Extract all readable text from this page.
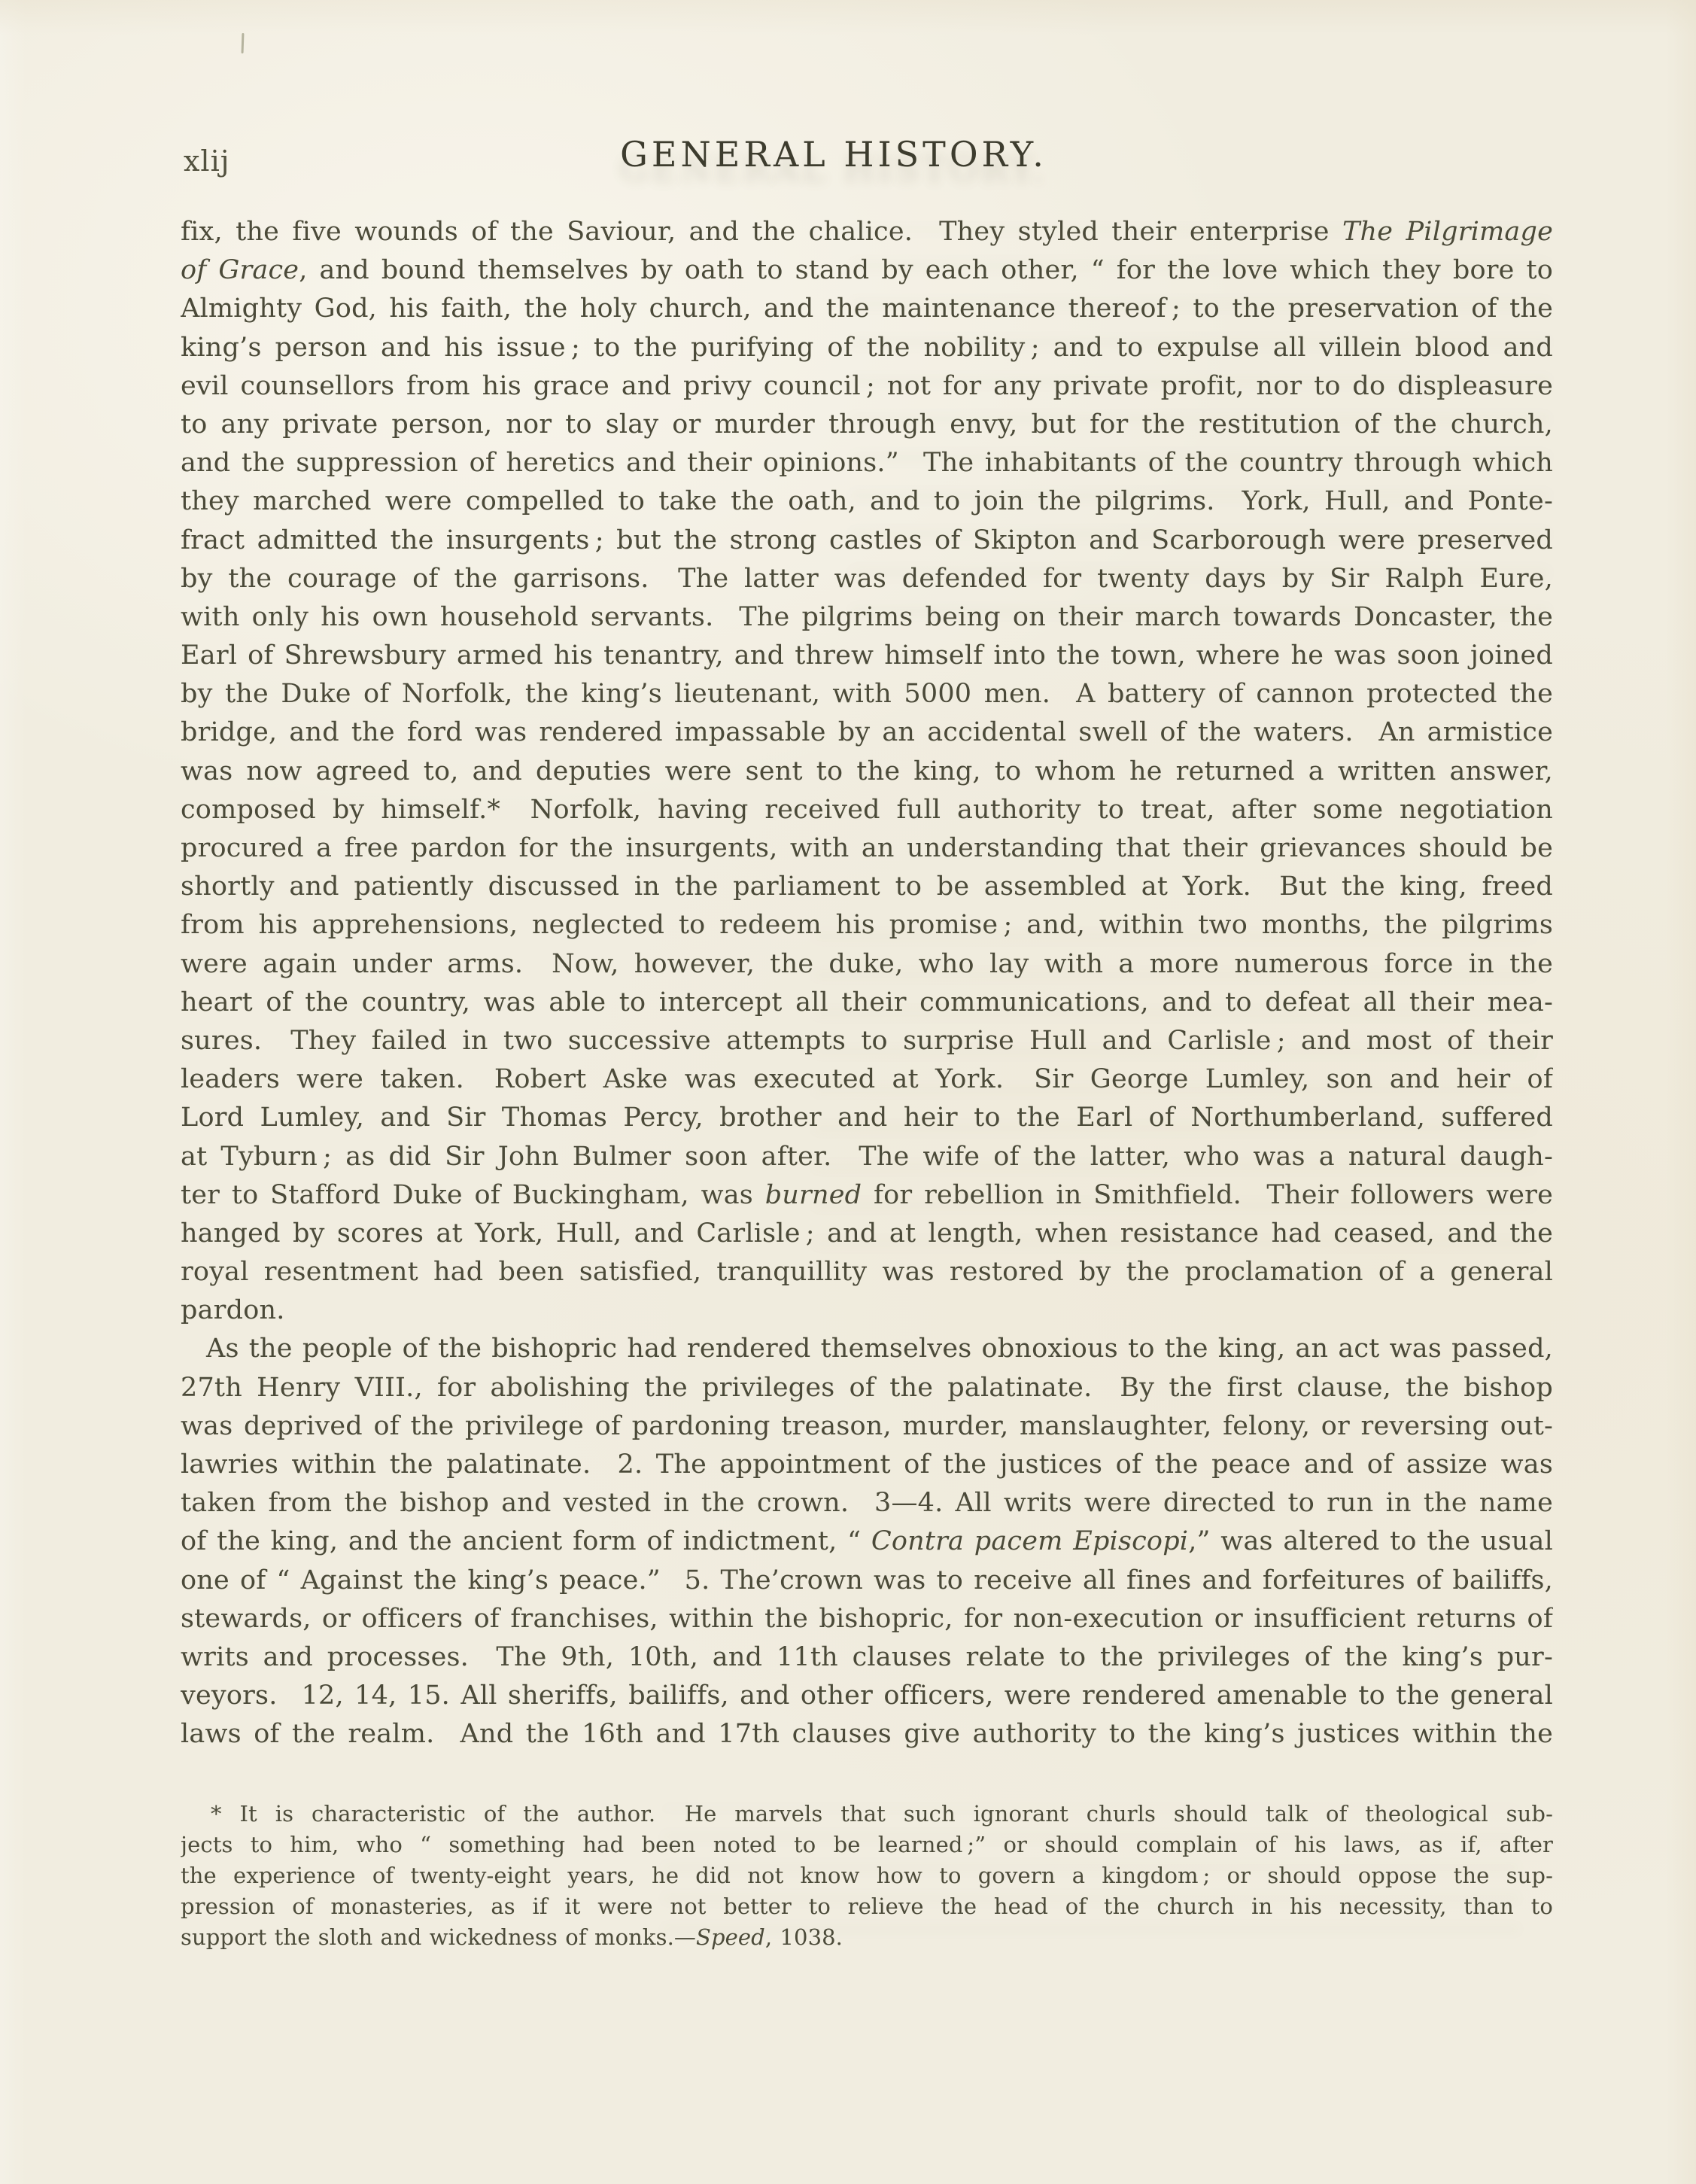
xlij	GENERAL HISTORY.
fix, the five wounds of the Saviour, and the chalice.  They styled their enterprise The Pilgrimage
of Grace, and bound themselves by oath to stand by each other, “ for the love which they bore to
Almighty God, his faith, the holy church, and the maintenance thereof ; to the preservation of the
king’s person and his issue ; to the purifying of the nobility ; and to expulse all villein blood and
evil counsellors from his grace and privy council ; not for any private profit, nor to do displeasure
to any private person, nor to slay or murder through envy, but for the restitution of the church,
and the suppression of heretics and their opinions.”  The inhabitants of the country through which
they marched were compelled to take the oath, and to join the pilgrims.  York, Hull, and Ponte-
fract admitted the insurgents ; but the strong castles of Skipton and Scarborough were preserved
by the courage of the garrisons.  The latter was defended for twenty days by Sir Ralph Eure,
with only his own household servants.  The pilgrims being on their march towards Doncaster, the
Earl of Shrewsbury armed his tenantry, and threw himself into the town, where he was soon joined
by the Duke of Norfolk, the king’s lieutenant, with 5000 men.  A battery of cannon protected the
bridge, and the ford was rendered impassable by an accidental swell of the waters.  An armistice
was now agreed to, and deputies were sent to the king, to whom he returned a written answer,
composed by himself.*  Norfolk, having received full authority to treat, after some negotiation
procured a free pardon for the insurgents, with an understanding that their grievances should be
shortly and patiently discussed in the parliament to be assembled at York.  But the king, freed
from his apprehensions, neglected to redeem his promise ; and, within two months, the pilgrims
were again under arms.  Now, however, the duke, who lay with a more numerous force in the
heart of the country, was able to intercept all their communications, and to defeat all their mea-
sures.  They failed in two successive attempts to surprise Hull and Carlisle ; and most of their
leaders were taken.  Robert Aske was executed at York.  Sir George Lumley, son and heir of
Lord Lumley, and Sir Thomas Percy, brother and heir to the Earl of Northumberland, suffered
at Tyburn ; as did Sir John Bulmer soon after.  The wife of the latter, who was a natural daugh-
ter to Stafford Duke of Buckingham, was burned for rebellion in Smithfield.  Their followers were
hanged by scores at York, Hull, and Carlisle ; and at length, when resistance had ceased, and the
royal resentment had been satisfied, tranquillity was restored by the proclamation of a general
pardon.
As the people of the bishopric had rendered themselves obnoxious to the king, an act was passed,
27th Henry VIII., for abolishing the privileges of the palatinate.  By the first clause, the bishop
was deprived of the privilege of pardoning treason, murder, manslaughter, felony, or reversing out-
lawries within the palatinate.  2. The appointment of the justices of the peace and of assize was
taken from the bishop and vested in the crown.  3—4. All writs were directed to run in the name
of the king, and the ancient form of indictment, “ Contra pacem Episcopi,” was altered to the usual
one of “ Against the king’s peace.”  5. The’crown was to receive all fines and forfeitures of bailiffs,
stewards, or officers of franchises, within the bishopric, for non-execution or insufficient returns of
writs and processes.  The 9th, 10th, and 11th clauses relate to the privileges of the king’s pur-
veyors.  12, 14, 15. All sheriffs, bailiffs, and other officers, were rendered amenable to the general
laws of the realm.  And the 16th and 17th clauses give authority to the king’s justices within the
* It is characteristic of the author.  He marvels that such ignorant churls should talk of theological sub-
jects to him, who “ something had been noted to be learned ;” or should complain of his laws, as if, after
the experience of twenty-eight years, he did not know how to govern a kingdom ; or should oppose the sup-
pression of monasteries, as if it were not better to relieve the head of the church in his necessity, than to
support the sloth and wickedness of monks.—Speed, 1038.
